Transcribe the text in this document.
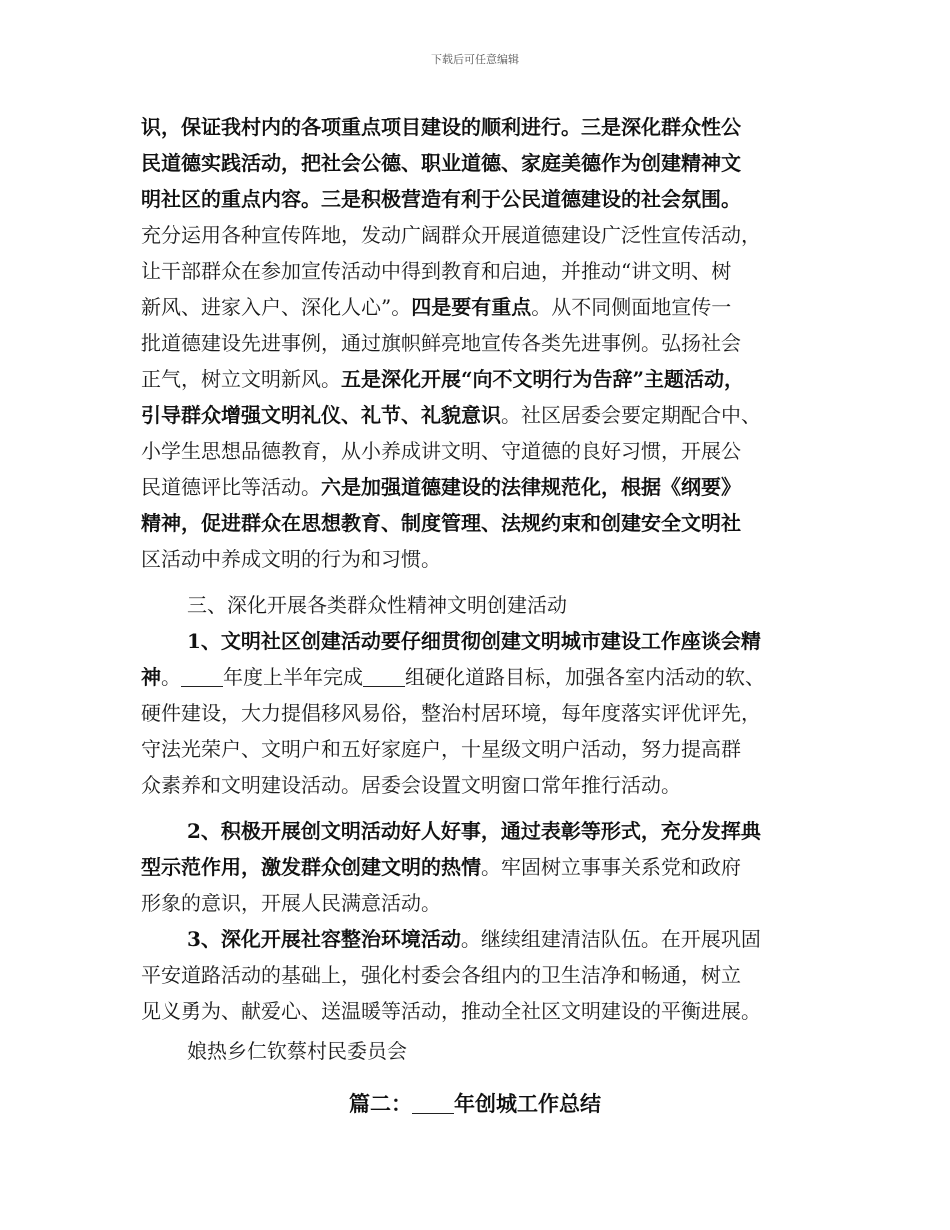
下载后可任意编辑
识，保证我村内的各项重点项目建设的顺利进行。三是深化群众性公
民道德实践活动，把社会公德、职业道德、家庭美德作为创建精神文
明社区的重点内容。三是积极营造有利于公民道德建设的社会氛围。
充分运用各种宣传阵地，发动广阔群众开展道德建设广泛性宣传活动，
让干部群众在参加宣传活动中得到教育和启迪，并推动“讲文明、树
新风、进家入户、深化人心”。四是要有重点。从不同侧面地宣传一
批道德建设先进事例，通过旗帜鲜亮地宣传各类先进事例。弘扬社会
正气，树立文明新风。五是深化开展“向不文明行为告辞”主题活动，
引导群众增强文明礼仪、礼节、礼貌意识。社区居委会要定期配合中、
小学生思想品德教育，从小养成讲文明、守道德的良好习惯，开展公
民道德评比等活动。六是加强道德建设的法律规范化，根据《纲要》
精神，促进群众在思想教育、制度管理、法规约束和创建安全文明社
区活动中养成文明的行为和习惯。
三、深化开展各类群众性精神文明创建活动
1、文明社区创建活动要仔细贯彻创建文明城市建设工作座谈会精
神。 年度上半年完成 组硬化道路目标，加强各室内活动的软、
硬件建设，大力提倡移风易俗，整治村居环境，每年度落实评优评先，
守法光荣户、文明户和五好家庭户，十星级文明户活动，努力提高群
众素养和文明建设活动。居委会设置文明窗口常年推行活动。
2、积极开展创文明活动好人好事，通过表彰等形式，充分发挥典
型示范作用，激发群众创建文明的热情。牢固树立事事关系党和政府
形象的意识，开展人民满意活动。
3、深化开展社容整治环境活动。继续组建清洁队伍。在开展巩固
平安道路活动的基础上，强化村委会各组内的卫生洁净和畅通，树立
见义勇为、献爱心、送温暖等活动，推动全社区文明建设的平衡进展。
娘热乡仁钦蔡村民委员会
篇二： 年创城工作总结
